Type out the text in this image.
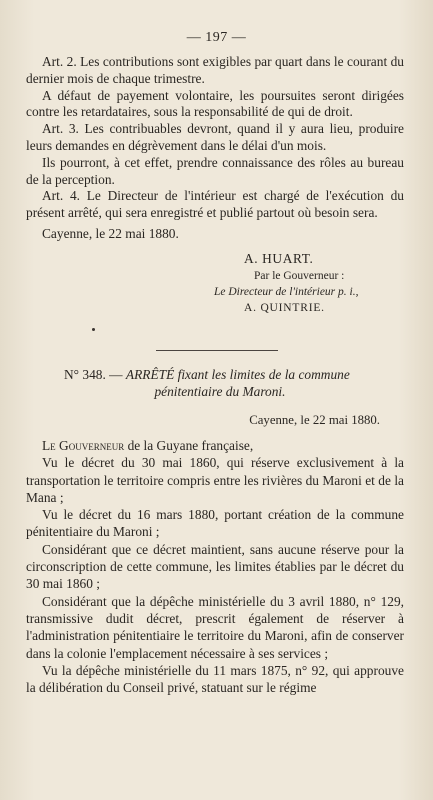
— 197 —

Art. 2. Les contributions sont exigibles par quart dans le courant du dernier mois de chaque trimestre.

A défaut de payement volontaire, les poursuites seront dirigées contre les retardataires, sous la responsabilité de qui de droit.

Art. 3. Les contribuables devront, quand il y aura lieu, produire leurs demandes en dégrèvement dans le délai d'un mois.

Ils pourront, à cet effet, prendre connaissance des rôles au bureau de la perception.

Art. 4. Le Directeur de l'intérieur est chargé de l'exécution du présent arrêté, qui sera enregistré et publié partout où besoin sera.

Cayenne, le 22 mai 1880.

A. HUART.
Par le Gouverneur :
Le Directeur de l'intérieur p. i.,
A. QUINTRIE.
N° 348. — ARRÊTÉ fixant les limites de la commune
pénitentiaire du Maroni.
Cayenne, le 22 mai 1880.

Le Gouverneur de la Guyane française,

Vu le décret du 30 mai 1860, qui réserve exclusivement à la transportation le territoire compris entre les rivières du Maroni et de la Mana ;

Vu le décret du 16 mars 1880, portant création de la commune pénitentiaire du Maroni ;

Considérant que ce décret maintient, sans aucune réserve pour la circonscription de cette commune, les limites établies par le décret du 30 mai 1860 ;

Considérant que la dépêche ministérielle du 3 avril 1880, n° 129, transmissive dudit décret, prescrit également de réserver à l'administration pénitentiaire le territoire du Maroni, afin de conserver dans la colonie l'emplacement nécessaire à ses services ;

Vu la dépêche ministérielle du 11 mars 1875, n° 92, qui approuve la délibération du Conseil privé, statuant sur le régime
